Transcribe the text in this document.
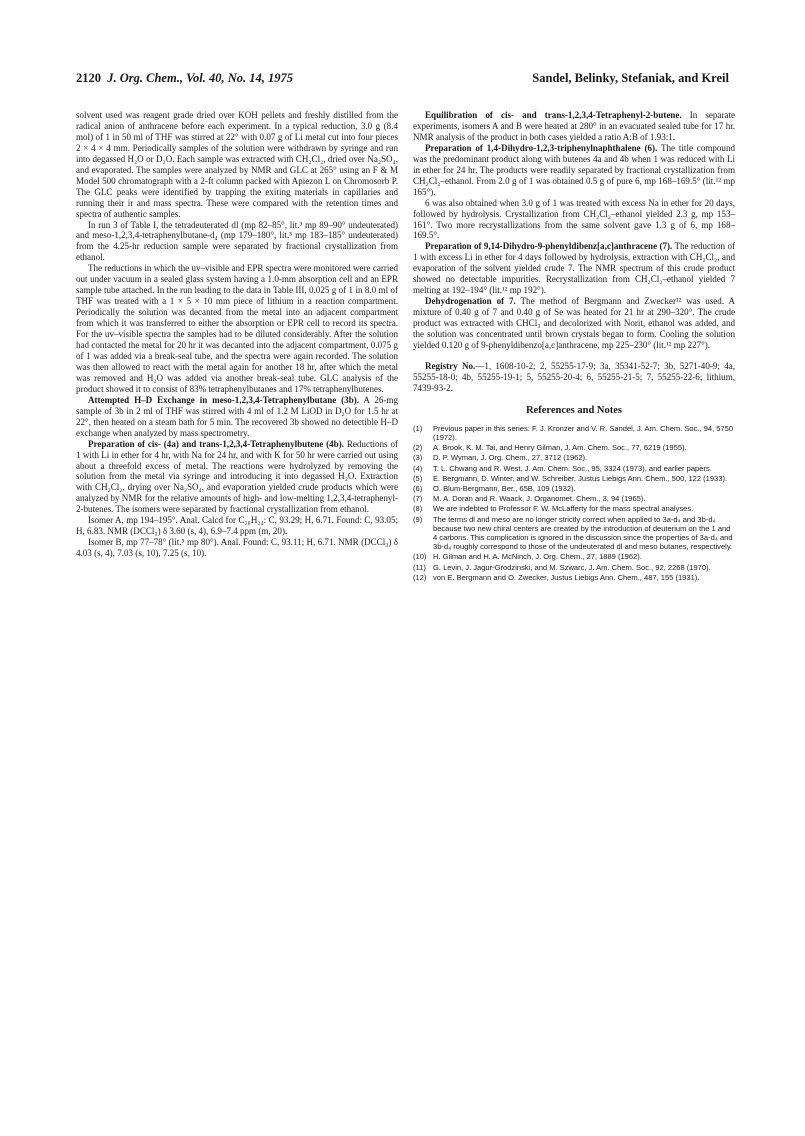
2120 J. Org. Chem., Vol. 40, No. 14, 1975	Sandel, Belinky, Stefaniak, and Kreil

solvent used was reagent grade dried over KOH pellets and freshly distilled from the radical anion of anthracene before each experiment. In a typical reduction, 3.0 g (8.4 mol) of 1 in 50 ml of THF was stirred at 22° with 0.07 g of Li metal cut into four pieces 2 × 4 × 4 mm. Periodically samples of the solution were withdrawn by syringe and run into degassed H₂O or D₂O. Each sample was extracted with CH₂Cl₂, dried over Na₂SO₄, and evaporated. The samples were analyzed by NMR and GLC at 265° using an F & M Model 500 chromatograph with a 2-ft column packed with Apiezon L on Chromosorb P. The GLC peaks were identified by trapping the exiting materials in capillaries and running their ir and mass spectra. These were compared with the retention times and spectra of authentic samples.

In run 3 of Table I, the tetradeuterated dl (mp 82–85°, lit.³ mp 89–90° undeuterated) and meso-1,2,3,4-tetraphenylbutane-d₄ (mp 179–180°, lit.³ mp 183–185° undeuterated) from the 4.25-hr reduction sample were separated by fractional crystallization from ethanol.

The reductions in which the uv–visible and EPR spectra were monitored were carried out under vacuum in a sealed glass system having a 1.0-mm absorption cell and an EPR sample tube attached. In the run leading to the data in Table III, 0.025 g of 1 in 8.0 ml of THF was treated with a 1 × 5 × 10 mm piece of lithium in a reaction compartment. Periodically the solution was decanted from the metal into an adjacent compartment from which it was transferred to either the absorption or EPR cell to record its spectra. For the uv–visible spectra the samples had to be diluted considerably. After the solution had contacted the metal for 20 hr it was decanted into the adjacent compartment, 0.075 g of 1 was added via a break-seal tube, and the spectra were again recorded. The solution was then allowed to react with the metal again for another 18 hr, after which the metal was removed and H₂O was added via another break-seal tube. GLC analysis of the product showed it to consist of 83% tetraphenylbutanes and 17% tetraphenylbutenes.

Attempted H–D Exchange in meso-1,2,3,4-Tetraphenylbutane (3b). A 26-mg sample of 3b in 2 ml of THF was stirred with 4 ml of 1.2 M LiOD in D₂O for 1.5 hr at 22°, then heated on a steam bath for 5 min. The recovered 3b showed no detectible H–D exchange when analyzed by mass spectrometry.

Preparation of cis- (4a) and trans-1,2,3,4-Tetraphenylbutene (4b). Reductions of 1 with Li in ether for 4 hr, with Na for 24 hr, and with K for 50 hr were carried out using about a threefold excess of metal. The reactions were hydrolyzed by removing the solution from the metal via syringe and introducing it into degassed H₂O. Extraction with CH₂Cl₂, drying over Na₂SO₄, and evaporation yielded crude products which were analyzed by NMR for the relative amounts of high- and low-melting 1,2,3,4-tetraphenyl-2-butenes. The isomers were separated by fractional crystallization from ethanol.

Isomer A, mp 194–195°. Anal. Calcd for C₂₈H₂₄: C, 93.29; H, 6.71. Found: C, 93.05; H, 6.83. NMR (DCCl₃) δ 3.60 (s, 4), 6.9–7.4 ppm (m, 20).

Isomer B, mp 77–78° (lit.⁵ mp 80°). Anal. Found: C, 93.11; H, 6.71. NMR (DCCl₃) δ 4.03 (s, 4), 7.03 (s, 10), 7.25 (s, 10).

Equilibration of cis- and trans-1,2,3,4-Tetraphenyl-2-butene. In separate experiments, isomers A and B were heated at 280° in an evacuated sealed tube for 17 hr. NMR analysis of the product in both cases yielded a ratio A:B of 1.93:1.

Preparation of 1,4-Dihydro-1,2,3-triphenylnaphthalene (6). The title compound was the predominant product along with butenes 4a and 4b when 1 was reduced with Li in ether for 24 hr. The products were readily separated by fractional crystallization from CH₂Cl₂–ethanol. From 2.0 g of 1 was obtained 0.5 g of pure 6, mp 168–169.5° (lit.¹² mp 165°).

6 was also obtained when 3.0 g of 1 was treated with excess Na in ether for 20 days, followed by hydrolysis. Crystallization from CH₂Cl₂–ethanol yielded 2.3 g, mp 153–161°. Two more recrystallizations from the same solvent gave 1.3 g of 6, mp 168–169.5°.

Preparation of 9,14-Dihydro-9-phenyldibenz[a,c]anthracene (7). The reduction of 1 with excess Li in ether for 4 days followed by hydrolysis, extraction with CH₂Cl₂, and evaporation of the solvent yielded crude 7. The NMR spectrum of this crude product showed no detectable impurities. Recrystallization from CH₂Cl₂–ethanol yielded 7 melting at 192–194° (lit.¹² mp 192°).

Dehydrogenation of 7. The method of Bergmann and Zwecker¹² was used. A mixture of 0.40 g of 7 and 0.40 g of Se was heated for 21 hr at 290–320°. The crude product was extracted with CHCl₃ and decolorized with Norit, ethanol was added, and the solution was concentrated until brown crystals began to form. Cooling the solution yielded 0.120 g of 9-phenyldibenzo[a,c]anthracene, mp 225–230° (lit.¹² mp 227°).

Registry No.—1, 1608-10-2; 2, 55255-17-9; 3a, 35341-52-7; 3b, 5271-40-9; 4a, 55255-18-0; 4b, 55255-19-1; 5, 55255-20-4; 6, 55255-21-5; 7, 55255-22-6; lithium, 7439-93-2.

References and Notes
(1)	Previous paper in this series: F. J. Kronzer and V. R. Sandel, J. Am. Chem. Soc., 94, 5750 (1972).
(2)	A. Brook, K. M. Tai, and Henry Gilman, J. Am. Chem. Soc., 77, 6219 (1955).
(3)	D. P. Wyman, J. Org. Chem., 27, 3712 (1962).
(4)	T. L. Chwang and R. West, J. Am. Chem. Soc., 95, 3324 (1973), and earlier papers.
(5)	E. Bergmann, D. Winter, and W. Schreiber, Justus Liebigs Ann. Chem., 500, 122 (1933).
(6)	O. Blum-Bergmann, Ber., 65B, 109 (1932).
(7)	M. A. Doran and R. Waack, J. Organomet. Chem., 3, 94 (1965).
(8)	We are indebted to Professor F. W. McLafferty for the mass spectral analyses.
(9)	The terms dl and meso are no longer strictly correct when applied to 3a-d₄ and 3b-d₄ because two new chiral centers are created by the introduction of deuterium on the 1 and 4 carbons. This complication is ignored in the discussion since the properties of 3a-d₄ and 3b-d₄ roughly correspond to those of the undeuterated dl and meso butanes, respectively.
(10) H. Gilman and H. A. McNinch, J. Org. Chem., 27, 1889 (1962).
(11) G. Levin, J. Jagur-Grodzinski, and M. Szwarc, J. Am. Chem. Soc., 92, 2268 (1970).
(12) von E. Bergmann and O. Zwecker, Justus Liebigs Ann. Chem., 487, 155 (1931).
